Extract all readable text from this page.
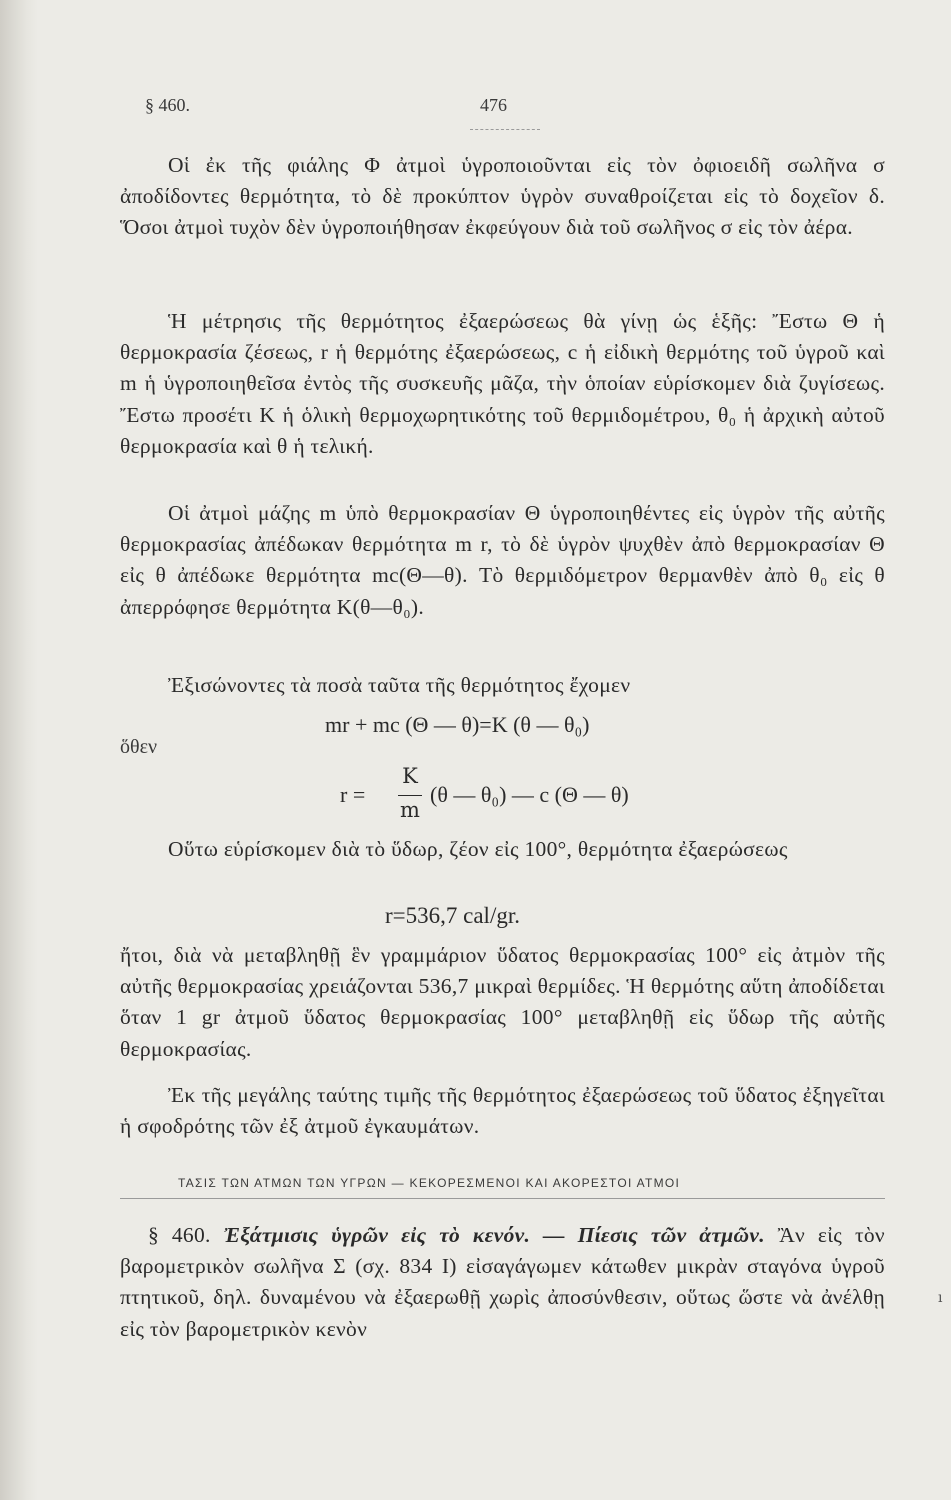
§ 460.	476

Οἱ ἐκ τῆς φιάλης Φ ἀτμοὶ ὑγροποιοῦνται εἰς τὸν ὀφιοειδῆ σωλῆνα σ ἀποδίδοντες θερμότητα, τὸ δὲ προκύπτον ὑγρὸν συναθροίζεται εἰς τὸ δοχεῖον δ. Ὅσοι ἀτμοὶ τυχὸν δὲν ὑγροποιήθησαν ἐκφεύγουν διὰ τοῦ σωλῆνος σ εἰς τὸν ἀέρα.

Ἡ μέτρησις τῆς θερμότητος ἐξαερώσεως θὰ γίνῃ ὡς ἑξῆς: Ἔστω Θ ἡ θερμοκρασία ζέσεως, r ἡ θερμότης ἐξαερώσεως, c ἡ εἰδικὴ θερμότης τοῦ ὑγροῦ καὶ m ἡ ὑγροποιηθεῖσα ἐντὸς τῆς συσκευῆς μᾶζα, τὴν ὁποίαν εὑρίσκομεν διὰ ζυγίσεως. Ἔστω προσέτι Κ ἡ ὁλικὴ θερμοχωρητικότης τοῦ θερμιδομέτρου, θ₀ ἡ ἀρχικὴ αὐτοῦ θερμοκρασία καὶ θ ἡ τελική.

Οἱ ἀτμοὶ μάζης m ὑπὸ θερμοκρασίαν Θ ὑγροποιηθέντες εἰς ὑγρὸν τῆς αὐτῆς θερμοκρασίας ἀπέδωκαν θερμότητα m r, τὸ δὲ ὑγρὸν ψυχθὲν ἀπὸ θερμοκρασίαν Θ εἰς θ ἀπέδωκε θερμότητα mc(Θ—θ). Τὸ θερμιδόμετρον θερμανθὲν ἀπὸ θ₀ εἰς θ ἀπερρόφησε θερμότητα Κ(θ—θ₀).

Ἐξισώνοντες τὰ ποσὰ ταῦτα τῆς θερμότητος ἔχομεν

mr + mc (Θ — θ)=Κ (θ — θ₀)
ὅθεν
r =
Κ
m
(θ — θ₀) — c (Θ — θ)

Οὕτω εὑρίσκομεν διὰ τὸ ὕδωρ, ζέον εἰς 100°, θερμότητα ἐξαερώσεως

r=536,7 cal/gr.

ἤτοι, διὰ νὰ μεταβληθῇ ἓν γραμμάριον ὕδατος θερμοκρασίας 100° εἰς ἀτμὸν τῆς αὐτῆς θερμοκρασίας χρειάζονται 536,7 μικραὶ θερμίδες. Ἡ θερμότης αὕτη ἀποδίδεται ὅταν 1 gr ἀτμοῦ ὕδατος θερμοκρασίας 100° μεταβληθῇ εἰς ὕδωρ τῆς αὐτῆς θερμοκρασίας.

Ἐκ τῆς μεγάλης ταύτης τιμῆς τῆς θερμότητος ἐξαερώσεως τοῦ ὕδατος ἐξηγεῖται ἡ σφοδρότης τῶν ἐξ ἀτμοῦ ἐγκαυμάτων.

ΤΑΣΙΣ ΤΩΝ ΑΤΜΩΝ ΤΩΝ ΥΓΡΩΝ — ΚΕΚΟΡΕΣΜΕΝΟΙ ΚΑΙ ΑΚΟΡΕΣΤΟΙ ΑΤΜΟΙ

§ 460. Ἐξάτμισις ὑγρῶν εἰς τὸ κενόν. — Πίεσις τῶν ἀτμῶν. Ἂν εἰς τὸν βαρομετρικὸν σωλῆνα Σ (σχ. 834 Ι) εἰσαγάγωμεν κάτωθεν μικρὰν σταγόνα ὑγροῦ πτητικοῦ, δηλ. δυναμένου νὰ ἐξαερωθῇ χωρὶς ἀποσύνθεσιν, οὕτως ὥστε νὰ ἀνέλθῃ εἰς τὸν βαρομετρικὸν κενὸν

ı
